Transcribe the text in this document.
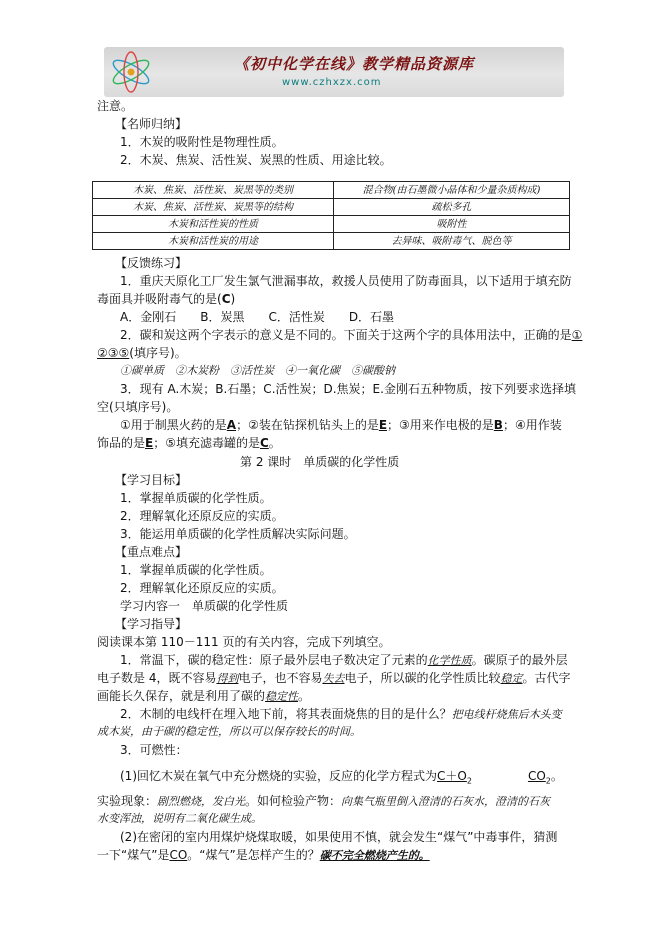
《初中化学在线》教学精品资源库
www.czhxzx.com
注意。
【名师归纳】
1．木炭的吸附性是物理性质。
2．木炭、焦炭、活性炭、炭黑的性质、用途比较。
木炭、焦炭、活性炭、炭黑等的类别	混合物(由石墨微小晶体和少量杂质构成)
木炭、焦炭、活性炭、炭黑等的结构	疏松多孔
木炭和活性炭的性质	吸附性
木炭和活性炭的用途	去异味、吸附毒气、脱色等
【反馈练习】
1．重庆天原化工厂发生氯气泄漏事故，救援人员使用了防毒面具，以下适用于填充防
毒面具并吸附毒气的是(C)
A．金刚石　　B．炭黑　　C．活性炭　　D．石墨
2．碳和炭这两个字表示的意义是不同的。下面关于这两个字的具体用法中，正确的是①
②③⑤(填序号)。
①碳单质　②木炭粉　③活性炭　④一氧化碳　⑤碳酸钠
3．现有 A.木炭；B.石墨；C.活性炭；D.焦炭；E.金刚石五种物质，按下列要求选择填
空(只填序号)。
①用于制黑火药的是A；②装在钻探机钻头上的是E；③用来作电极的是B；④用作装
饰品的是E；⑤填充滤毒罐的是C。
第 2 课时　单质碳的化学性质
【学习目标】
1．掌握单质碳的化学性质。
2．理解氧化还原反应的实质。
3．能运用单质碳的化学性质解决实际问题。
【重点难点】
1．掌握单质碳的化学性质。
2．理解氧化还原反应的实质。
学习内容一　单质碳的化学性质
【学习指导】
阅读课本第 110－111 页的有关内容，完成下列填空。
1．常温下，碳的稳定性：原子最外层电子数决定了元素的化学性质。碳原子的最外层
电子数是 4，既不容易得到电子，也不容易失去电子，所以碳的化学性质比较稳定。古代字
画能长久保存，就是利用了碳的稳定性。
2．木制的电线杆在埋入地下前，将其表面烧焦的目的是什么？把电线杆烧焦后木头变
成木炭，由于碳的稳定性，所以可以保存较长的时间。
3．可燃性：
(1)回忆木炭在氧气中充分燃烧的实验，反应的化学方程式为$C+O_2$	$CO_2$。
实验现象：剧烈燃烧，发白光。如何检验产物：向集气瓶里倒入澄清的石灰水，澄清的石灰
水变浑浊，说明有二氧化碳生成。
(2)在密闭的室内用煤炉烧煤取暖，如果使用不慎，就会发生“煤气”中毒事件，猜测
一下“煤气”是CO。“煤气”是怎样产生的？碳不完全燃烧产生的。
